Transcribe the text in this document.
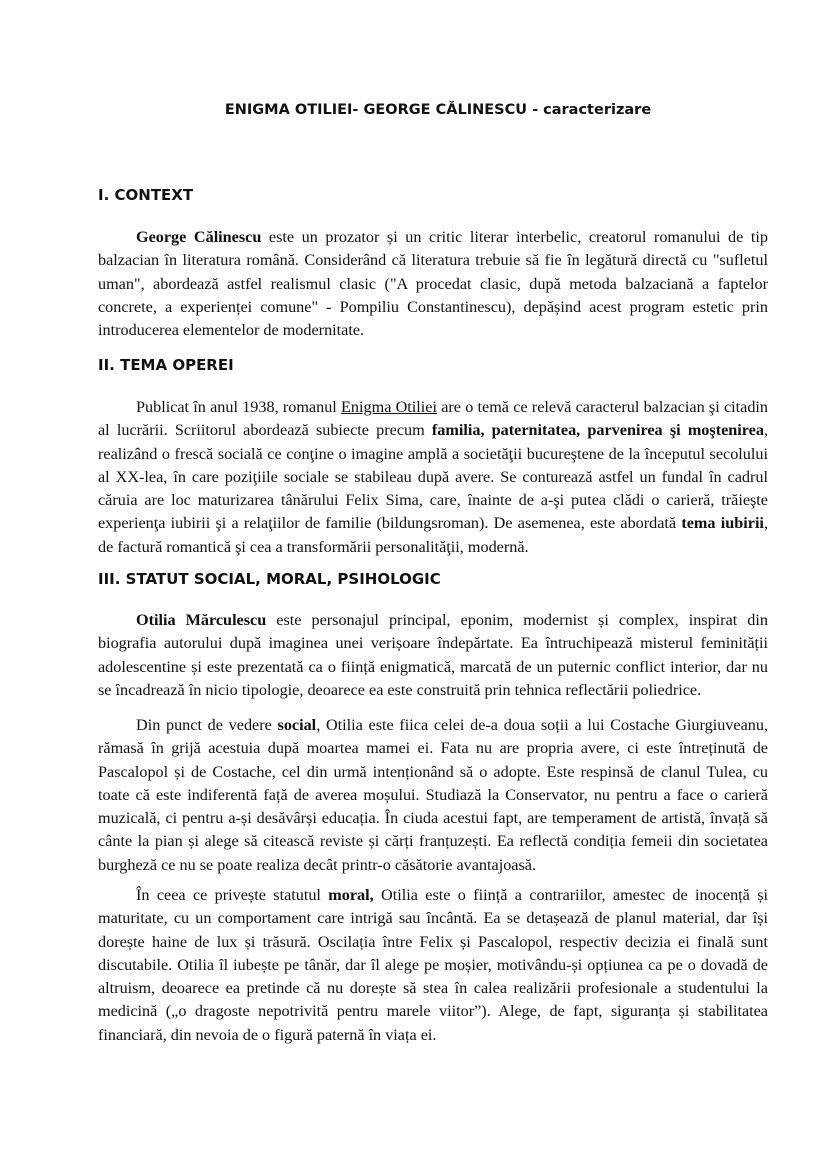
ENIGMA OTILIEI- GEORGE CĂLINESCU - caracterizare
I. CONTEXT

George Călinescu este un prozator și un critic literar interbelic, creatorul romanului de tip balzacian în literatura română. Considerând că literatura trebuie să fie în legătură directă cu "sufletul uman", abordează astfel realismul clasic ("A procedat clasic, după metoda balzaciană a faptelor concrete, a experienței comune" - Pompiliu Constantinescu), depășind acest program estetic prin introducerea elementelor de modernitate.

II. TEMA OPEREI

Publicat în anul 1938, romanul Enigma Otiliei are o temă ce relevă caracterul balzacian şi citadin al lucrării. Scriitorul abordează subiecte precum familia, paternitatea, parvenirea şi moştenirea, realizând o frescă socială ce conţine o imagine amplă a societăţii bucureştene de la începutul secolului al XX-lea, în care poziţiile sociale se stabileau după avere. Se conturează astfel un fundal în cadrul căruia are loc maturizarea tânărului Felix Sima, care, înainte de a-şi putea clădi o carieră, trăieşte experienţa iubirii şi a relaţiilor de familie (bildungsroman). De asemenea, este abordată tema iubirii, de factură romantică şi cea a transformării personalităţii, modernă.

III. STATUT SOCIAL, MORAL, PSIHOLOGIC

Otilia Mărculescu este personajul principal, eponim, modernist și complex, inspirat din biografia autorului după imaginea unei verișoare îndepărtate. Ea întruchipează misterul feminității adolescentine și este prezentată ca o ființă enigmatică, marcată de un puternic conflict interior, dar nu se încadrează în nicio tipologie, deoarece ea este construită prin tehnica reflectării poliedrice.

Din punct de vedere social, Otilia este fiica celei de-a doua soții a lui Costache Giurgiuveanu, rămasă în grijă acestuia după moartea mamei ei. Fata nu are propria avere, ci este întreținută de Pascalopol și de Costache, cel din urmă intenționând să o adopte. Este respinsă de clanul Tulea, cu toate că este indiferentă față de averea moșului. Studiază la Conservator, nu pentru a face o carieră muzicală, ci pentru a-și desăvârși educația. În ciuda acestui fapt, are temperament de artistă, învață să cânte la pian și alege să citească reviste și cărți franțuzești. Ea reflectă condiția femeii din societatea burgheză ce nu se poate realiza decât printr-o căsătorie avantajoasă.

În ceea ce privește statutul moral, Otilia este o ființă a contrariilor, amestec de inocență și maturitate, cu un comportament care intrigă sau încântă. Ea se detașează de planul material, dar își dorește haine de lux și trăsură. Oscilația între Felix și Pascalopol, respectiv decizia ei finală sunt discutabile. Otilia îl iubește pe tânăr, dar îl alege pe moșier, motivându-și opțiunea ca pe o dovadă de altruism, deoarece ea pretinde că nu dorește să stea în calea realizării profesionale a studentului la medicină („o dragoste nepotrivită pentru marele viitor”). Alege, de fapt, siguranța și stabilitatea financiară, din nevoia de o figură paternă în viața ei.
